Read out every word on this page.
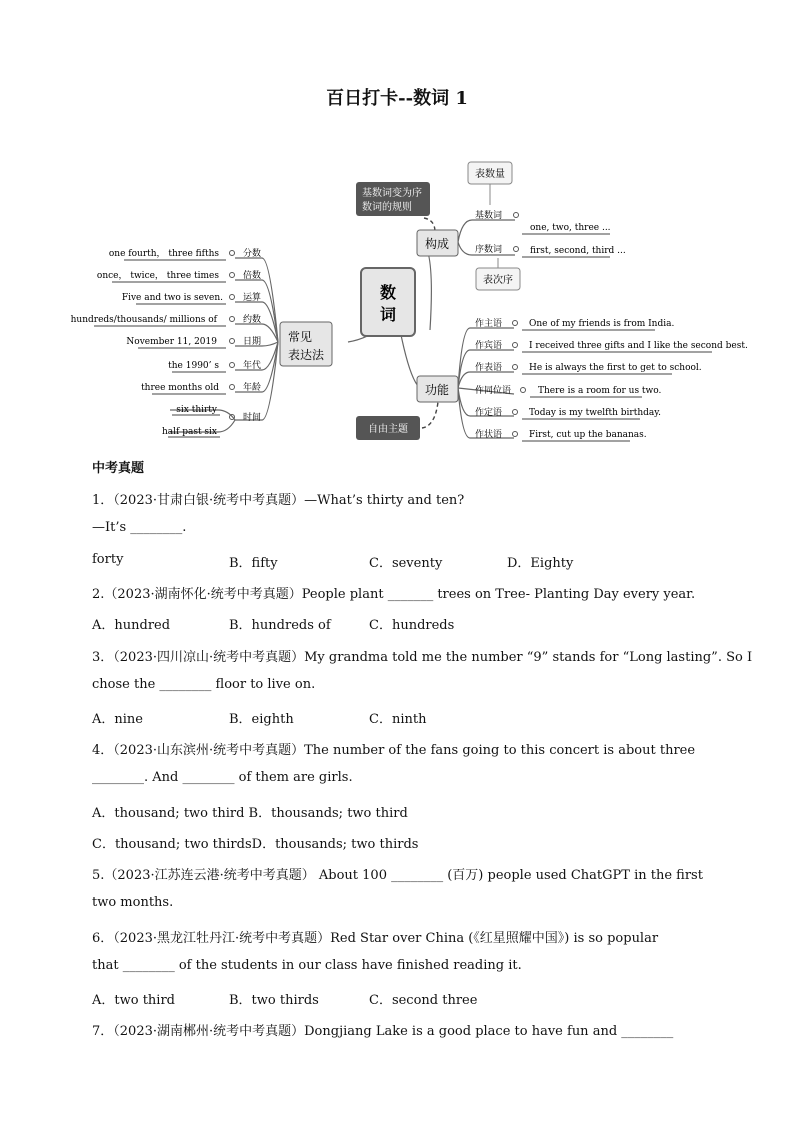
百日打卡--数词 1
数
词
构成
功能
常见
表达法
基数词变为序
数词的规则
自由主题
表数量
表次序
基数词
one, two, three ...
序数词	first, second, third ...
作主语	One of my friends is from India.
作宾语	I received three gifts and I like the second best.
作表语	He is always the first to get to school.
作同位语	There is a room for us two.
作定语	Today is my twelfth birthday.
作状语	First, cut up the bananas.
one fourth， three fifths	分数
once， twice， three times	倍数
Five and two is seven. 运算
hundreds/thousands/ millions of	约数
November 11, 2019	日期
the 1990’ s	年代
three months old	年龄
six thirty
half past six
时间
中考真题
1．（2023·甘肃白银·统考中考真题）—What’s thirty and ten?
—It’s ________.
forty	B．fifty	C．seventy	D．Eighty
2.（2023·湖南怀化·统考中考真题）People plant _______ trees on Tree- Planting Day every year.
A．hundred	B．hundreds of	C．hundreds
3．（2023·四川凉山·统考中考真题）My grandma told me the number “9” stands for “Long lasting”. So I
chose the ________ floor to live on.
A．nine	B．eighth	C．ninth
4．（2023·山东滨州·统考中考真题）The number of the fans going to this concert is about three
________. And ________ of them are girls.
A．thousand; two third B．thousands; two third
C．thousand; two thirdsD．thousands; two thirds
5.（2023·江苏连云港·统考中考真题） About 100 ________ (百万) people used ChatGPT in the first
two months.
6．（2023·黑龙江牡丹江·统考中考真题）Red Star over China (《红星照耀中国》) is so popular
that ________ of the students in our class have finished reading it.
A．two third	B．two thirds	C．second three
7．（2023·湖南郴州·统考中考真题）Dongjiang Lake is a good place to have fun and ________
